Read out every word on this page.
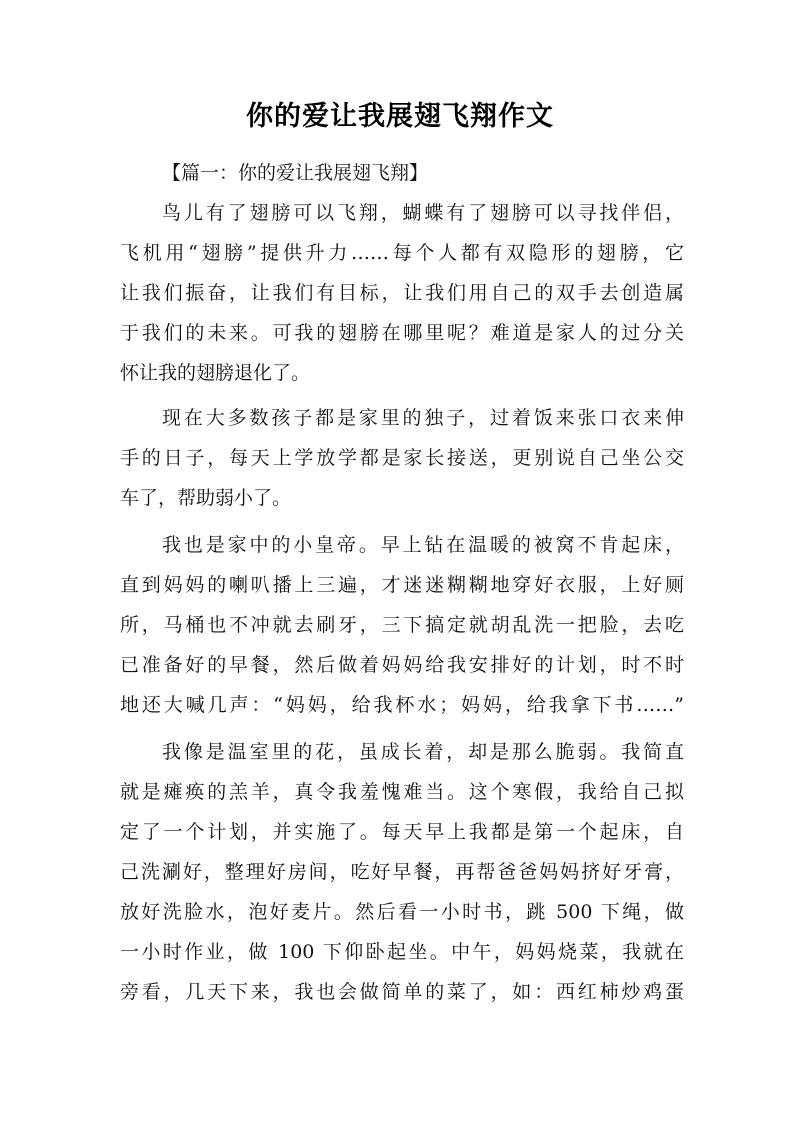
你的爱让我展翅飞翔作文
【篇一：你的爱让我展翅飞翔】
鸟儿有了翅膀可以飞翔，蝴蝶有了翅膀可以寻找伴侣，
飞机用“翅膀”提供升力……每个人都有双隐形的翅膀，它
让我们振奋，让我们有目标，让我们用自己的双手去创造属
于我们的未来。可我的翅膀在哪里呢？难道是家人的过分关
怀让我的翅膀退化了。
现在大多数孩子都是家里的独子，过着饭来张口衣来伸
手的日子，每天上学放学都是家长接送，更别说自己坐公交
车了，帮助弱小了。
我也是家中的小皇帝。早上钻在温暖的被窝不肯起床，
直到妈妈的喇叭播上三遍，才迷迷糊糊地穿好衣服，上好厕
所，马桶也不冲就去刷牙，三下搞定就胡乱洗一把脸，去吃
已准备好的早餐，然后做着妈妈给我安排好的计划，时不时
地还大喊几声：“妈妈，给我杯水；妈妈，给我拿下书……”
我像是温室里的花，虽成长着，却是那么脆弱。我简直
就是瘫痪的羔羊，真令我羞愧难当。这个寒假，我给自己拟
定了一个计划，并实施了。每天早上我都是第一个起床，自
己洗涮好，整理好房间，吃好早餐，再帮爸爸妈妈挤好牙膏，
放好洗脸水，泡好麦片。然后看一小时书，跳 500 下绳，做
一小时作业，做 100 下仰卧起坐。中午，妈妈烧菜，我就在
旁看，几天下来，我也会做简单的菜了，如：西红柿炒鸡蛋
